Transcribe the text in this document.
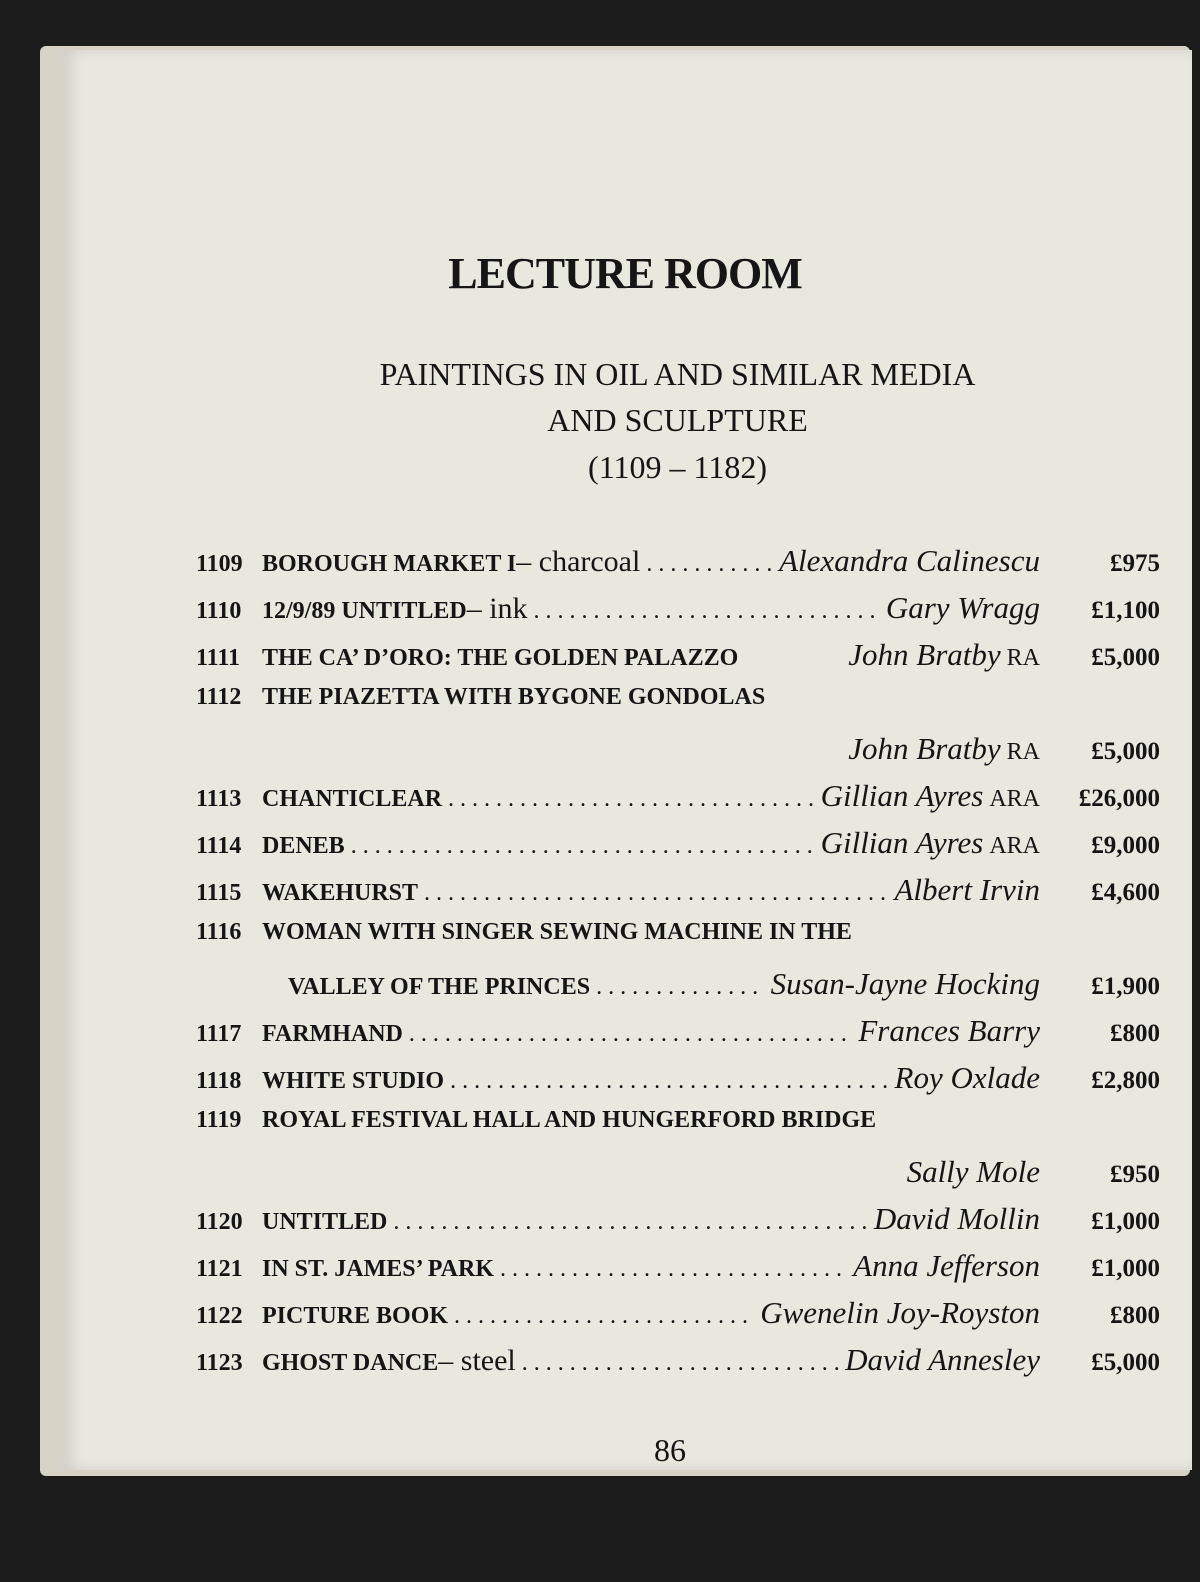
LECTURE ROOM
PAINTINGS IN OIL AND SIMILAR MEDIA
AND SCULPTURE
(1109 – 1182)
1109 BOROUGH MARKET I – charcoal . . .	Alexandra Calinescu	£975
1110 12/9/89 UNTITLED – ink . . .	Gary Wragg	£1,100
1111 THE CA’ D’ORO: THE GOLDEN PALAZZO	John Bratby RA	£5,000
1112 THE PIAZETTA WITH BYGONE GONDOLAS
John Bratby RA	£5,000
1113 CHANTICLEAR . . .	Gillian Ayres ARA	£26,000
1114 DENEB . . .	Gillian Ayres ARA	£9,000
1115 WAKEHURST . . .	Albert Irvin	£4,600
1116 WOMAN WITH SINGER SEWING MACHINE IN THE
VALLEY OF THE PRINCES . . .	Susan-Jayne Hocking	£1,900
1117 FARMHAND . . .	Frances Barry	£800
1118 WHITE STUDIO . . .	Roy Oxlade	£2,800
1119 ROYAL FESTIVAL HALL AND HUNGERFORD BRIDGE
Sally Mole	£950
1120 UNTITLED . . .	David Mollin	£1,000
1121 IN ST. JAMES’ PARK . . .	Anna Jefferson	£1,000
1122 PICTURE BOOK . . .	Gwenelin Joy-Royston	£800
1123 GHOST DANCE – steel . . .	David Annesley	£5,000
86
